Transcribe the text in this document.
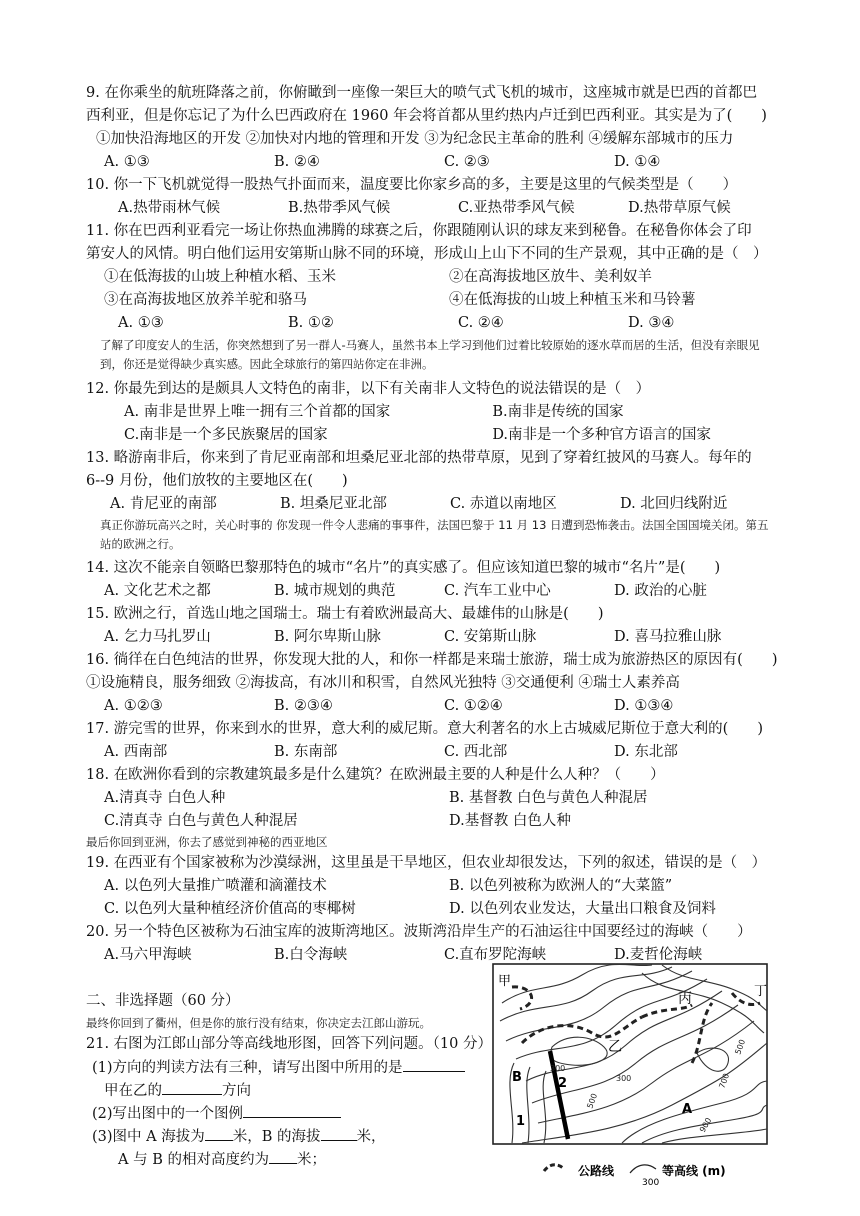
9. 在你乘坐的航班降落之前，你俯瞰到一座像一架巨大的喷气式飞机的城市，这座城市就是巴西的首都巴
西利亚，但是你忘记了为什么巴西政府在 1960 年会将首都从里约热内卢迁到巴西利亚。其实是为了(　　)
①加快沿海地区的开发 ②加快对内地的管理和开发 ③为纪念民主革命的胜利 ④缓解东部城市的压力
A. ①③	B. ②④	C. ②③	D. ①④
10. 你一下飞机就觉得一股热气扑面而来，温度要比你家乡高的多，主要是这里的气候类型是（　　）
A.热带雨林气候	B.热带季风气候	C.亚热带季风气候	D.热带草原气候
11. 你在巴西利亚看完一场让你热血沸腾的球赛之后，你跟随刚认识的球友来到秘鲁。在秘鲁你体会了印
第安人的风情。明白他们运用安第斯山脉不同的环境，形成山上山下不同的生产景观，其中正确的是（　）
①在低海拔的山坡上种植水稻、玉米	②在高海拔地区放牛、美利奴羊
③在高海拔地区放养羊驼和骆马	④在低海拔的山坡上种植玉米和马铃薯
A. ①③	B. ①②	C. ②④	D. ③④
了解了印度安人的生活，你突然想到了另一群人-马赛人，虽然书本上学习到他们过着比较原始的逐水草而居的生活，但没有亲眼见到，你还是觉得缺少真实感。因此全球旅行的第四站你定在非洲。
12. 你最先到达的是颇具人文特色的南非，以下有关南非人文特色的说法错误的是（　）
A. 南非是世界上唯一拥有三个首都的国家	B.南非是传统的国家
C.南非是一个多民族聚居的国家	D.南非是一个多种官方语言的国家
13. 略游南非后，你来到了肯尼亚南部和坦桑尼亚北部的热带草原，见到了穿着红披风的马赛人。每年的
6--9 月份，他们放牧的主要地区在(　　)
A. 肯尼亚的南部	B. 坦桑尼亚北部	C. 赤道以南地区	D. 北回归线附近
真正你游玩高兴之时，关心时事的 你发现一件令人悲痛的事事件，法国巴黎于 11 月 13 日遭到恐怖袭击。法国全国国境关闭。第五站的欧洲之行。
14. 这次不能亲自领略巴黎那特色的城市“名片”的真实感了。但应该知道巴黎的城市“名片”是(　　)
A. 文化艺术之都	B. 城市规划的典范	C. 汽车工业中心	D. 政治的心脏
15. 欧洲之行，首选山地之国瑞士。瑞士有着欧洲最高大、最雄伟的山脉是(　　)
A. 乞力马扎罗山	B. 阿尔卑斯山脉	C. 安第斯山脉	D. 喜马拉雅山脉
16. 徜徉在白色纯洁的世界，你发现大批的人，和你一样都是来瑞士旅游，瑞士成为旅游热区的原因有(　　)
①设施精良，服务细致 ②海拔高，有冰川和积雪，自然风光独特 ③交通便利 ④瑞士人素养高
A. ①②③	B. ②③④	C. ①②④	D. ①③④
17. 游完雪的世界，你来到水的世界，意大利的威尼斯。意大利著名的水上古城威尼斯位于意大利的(　　)
A. 西南部	B. 东南部	C. 西北部	D. 东北部
18. 在欧洲你看到的宗教建筑最多是什么建筑？在欧洲最主要的人种是什么人种？（　　）
A.清真寺 白色人种	B. 基督教 白色与黄色人种混居
C.清真寺 白色与黄色人种混居	D.基督教 白色人种
最后你回到亚洲，你去了感觉到神秘的西亚地区
19. 在西亚有个国家被称为沙漠绿洲，这里虽是干旱地区，但农业却很发达，下列的叙述，错误的是（　）
A. 以色列大量推广喷灌和滴灌技术	B. 以色列被称为欧洲人的“大菜篮”
C. 以色列大量种植经济价值高的枣椰树	D. 以色列农业发达，大量出口粮食及饲料
20. 另一个特色区被称为石油宝库的波斯湾地区。波斯湾沿岸生产的石油运往中国要经过的海峡（　　）
A.马六甲海峡	B.白令海峡	C.直布罗陀海峡	D.麦哲伦海峡
二、非选择题（60 分）
最终你回到了衢州，但是你的旅行没有结束，你决定去江郎山游玩。
21. 右图为江郎山部分等高线地形图，回答下列问题。（10 分）
(1)方向的判读方法有三种，请写出图中所用的是
甲在乙的	方向
(2)写出图中的一个图例
(3)图中 A 海拔为 米，B 的海拔 米，
A 与 B 的相对高度约为 米；
甲
乙
丙	丁
A
B
1
2
300
300
500
500
700
900
公路线
300
等高线 (m)
